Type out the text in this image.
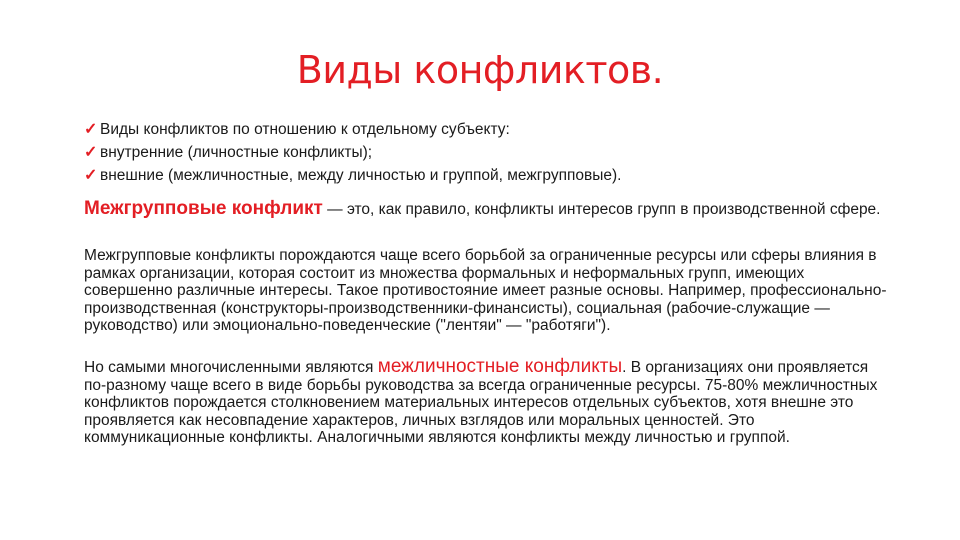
Виды конфликтов.
✓ Виды конфликтов по отношению к отдельному субъекту:
✓ внутренние (личностные конфликты);
✓ внешние (межличностные, между личностью и группой, межгрупповые).
Межгрупповые конфликт — это, как правило, конфликты интересов групп в производственной сфере.
Межгрупповые конфликты порождаются чаще всего борьбой за ограниченные ресурсы или сферы влияния в рамках организации, которая состоит из множества формальных и неформальных групп, имеющих совершенно различные интересы. Такое противостояние имеет разные основы. Например, профессионально-производственная (конструкторы-производственники-финансисты), социальная (рабочие-служащие — руководство) или эмоционально-поведенческие ("лентяи" — "работяги").
Но самыми многочисленными являются межличностные конфликты. В организациях они проявляется по-разному чаще всего в виде борьбы руководства за всегда ограниченные ресурсы. 75-80% межличностных конфликтов порождается столкновением материальных интересов отдельных субъектов, хотя внешне это проявляется как несовпадение характеров, личных взглядов или моральных ценностей. Это коммуникационные конфликты. Аналогичными являются конфликты между личностью и группой.
